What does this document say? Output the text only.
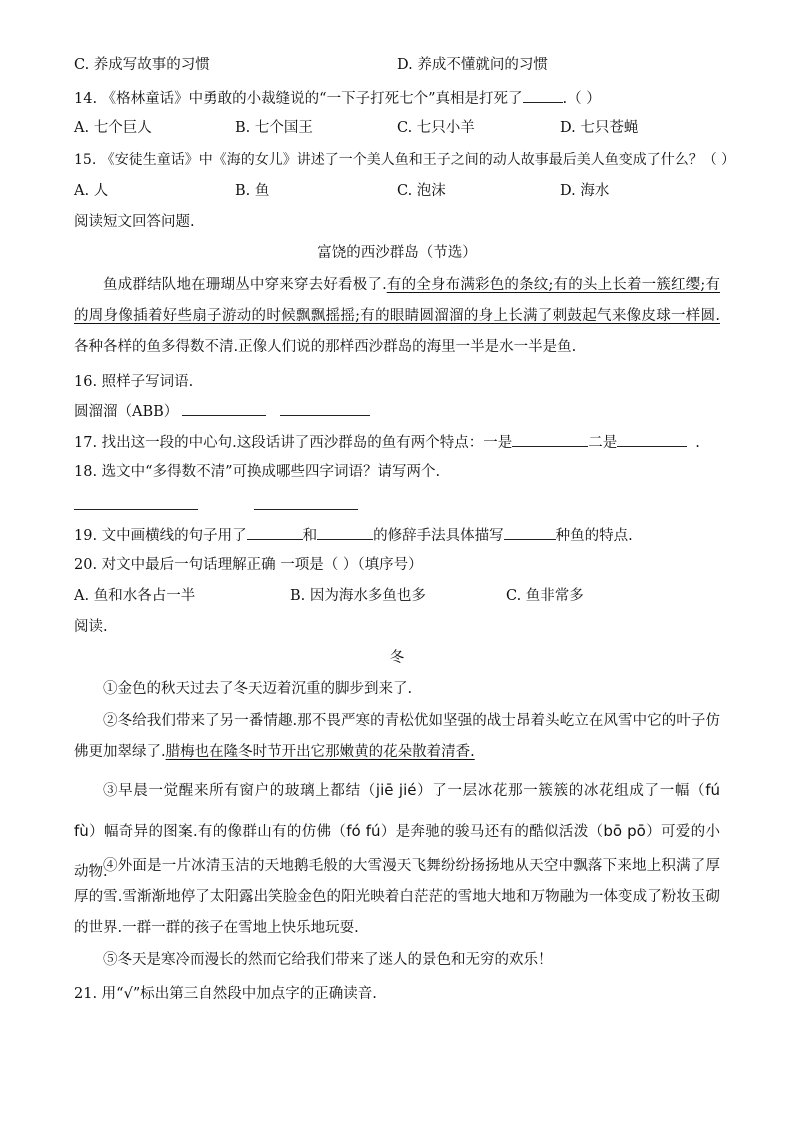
C. 养成写故事的习惯	D. 养成不懂就问的习惯
14. 《格林童话》中勇敢的小裁缝说的“一下子打死七个”真相是打死了	.（ ）
A. 七个巨人	B. 七个国王	C. 七只小羊	D. 七只苍蝇
15. 《安徒生童话》中《海的女儿》讲述了一个美人鱼和王子之间的动人故事最后美人鱼变成了什么？（ ）
A. 人	B. 鱼	C. 泡沫	D. 海水
阅读短文回答问题.
富饶的西沙群岛（节选）
鱼成群结队地在珊瑚丛中穿来穿去好看极了.有的全身布满彩色的条纹;有的头上长着一簇红缨;有的周身像插着好些扇子游动的时候飘飘摇摇;有的眼睛圆溜溜的身上长满了刺鼓起气来像皮球一样圆.各种各样的鱼多得数不清.正像人们说的那样西沙群岛的海里一半是水一半是鱼.
16. 照样子写词语.
圆溜溜（ABB）
17. 找出这一段的中心句.这段话讲了西沙群岛的鱼有两个特点：一是	二是	.
18. 选文中“多得数不清”可换成哪些四字词语？请写两个.
19. 文中画横线的句子用了	和	的修辞手法具体描写	种鱼的特点.
20. 对文中最后一句话理解正确 一项是（ ）（填序号）
A. 鱼和水各占一半	B. 因为海水多鱼也多	C. 鱼非常多
阅读.
冬
①金色的秋天过去了冬天迈着沉重的脚步到来了.
②冬给我们带来了另一番情趣.那不畏严寒的青松优如坚强的战士昂着头屹立在风雪中它的叶子仿佛更加翠绿了.腊梅也在隆冬时节开出它那嫩黄的花朵散着清香.
③早晨一觉醒来所有窗户的玻璃上都结（jiē jié）了一层冰花那一簇簇的冰花组成了一幅（fú fù）幅奇异的图案.有的像群山有的仿佛（fó fú）是奔驰的骏马还有的酷似活泼（bō pō）可爱的小动物.
④外面是一片冰清玉洁的天地鹅毛般的大雪漫天飞舞纷纷扬扬地从天空中飘落下来地上积满了厚厚的雪.雪渐渐地停了太阳露出笑脸金色的阳光映着白茫茫的雪地大地和万物融为一体变成了粉妆玉砌的世界.一群一群的孩子在雪地上快乐地玩耍.
⑤冬天是寒冷而漫长的然而它给我们带来了迷人的景色和无穷的欢乐！
21. 用“√”标出第三自然段中加点字的正确读音.
